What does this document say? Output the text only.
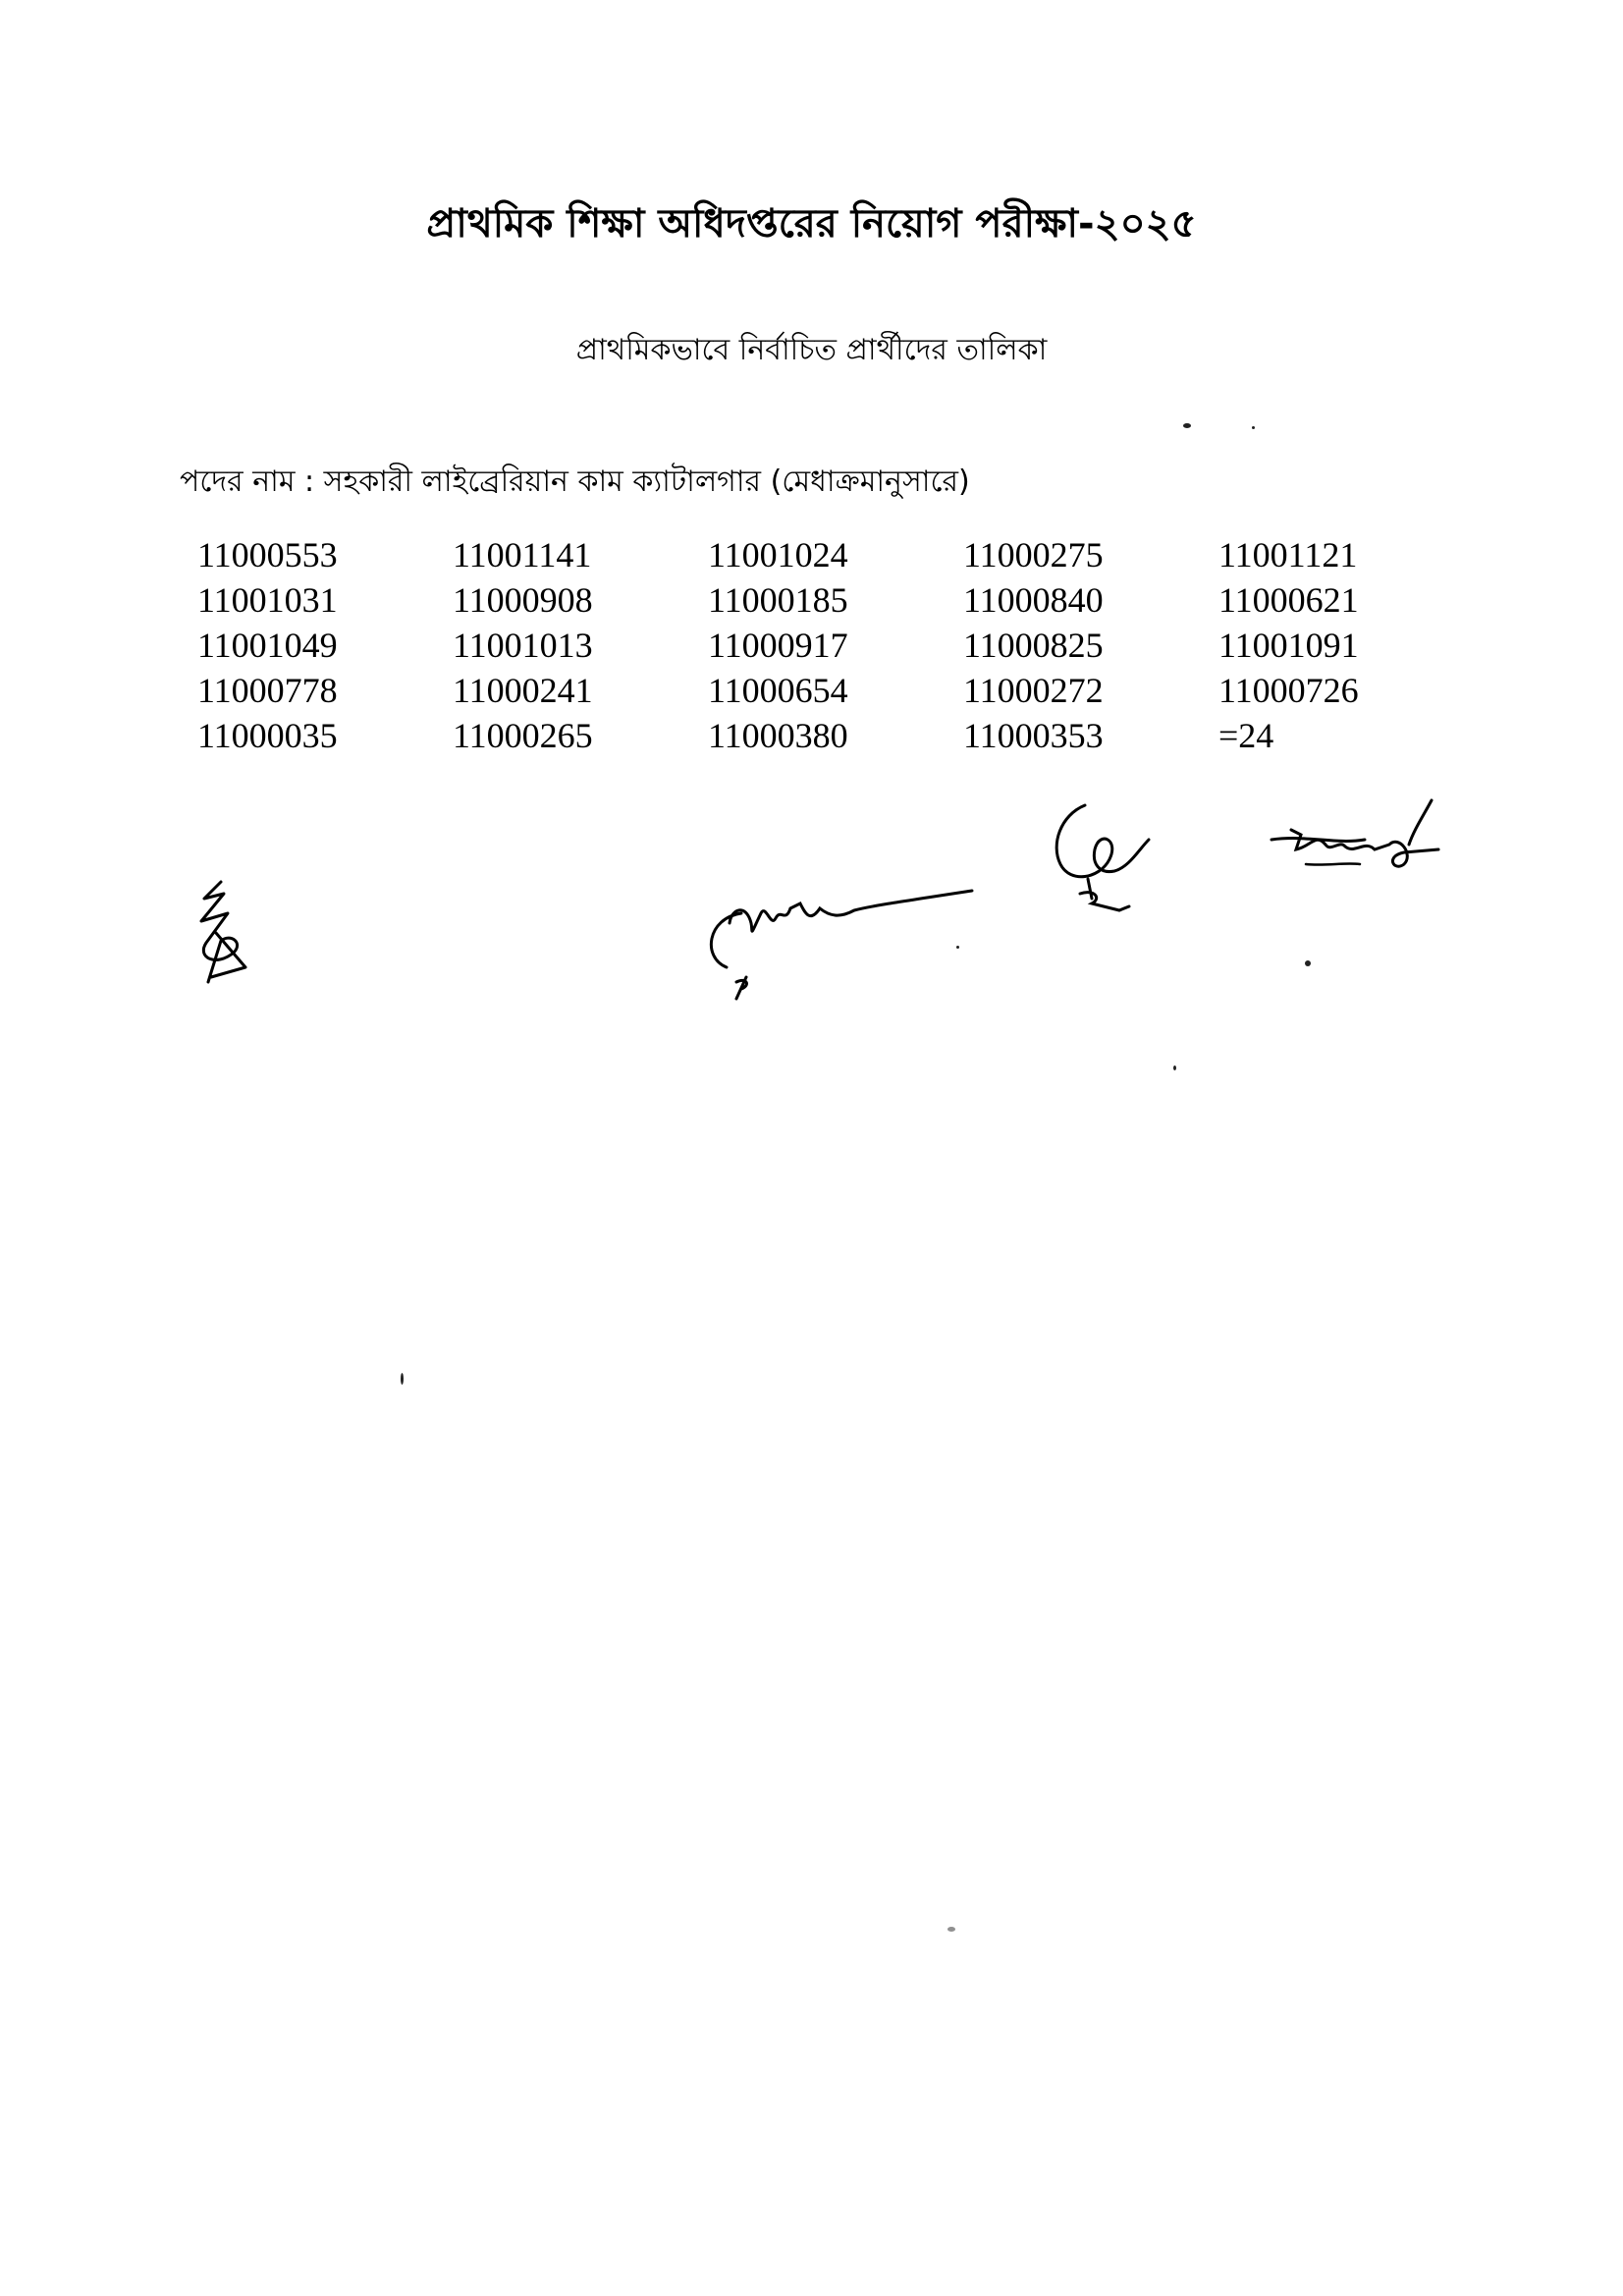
প্রাথমিক শিক্ষা অধিদপ্তরের নিয়োগ পরীক্ষা-২০২৫
প্রাথমিকভাবে নির্বাচিত প্রার্থীদের তালিকা
পদের নাম : সহকারী লাইব্রেরিয়ান কাম ক্যাটালগার (মেধাক্রমানুসারে)
11000553	11001141	11001024	11000275	11001121
11001031	11000908	11000185	11000840	11000621
11001049	11001013	11000917	11000825	11001091
11000778	11000241	11000654	11000272	11000726
11000035	11000265	11000380	11000353	=24
